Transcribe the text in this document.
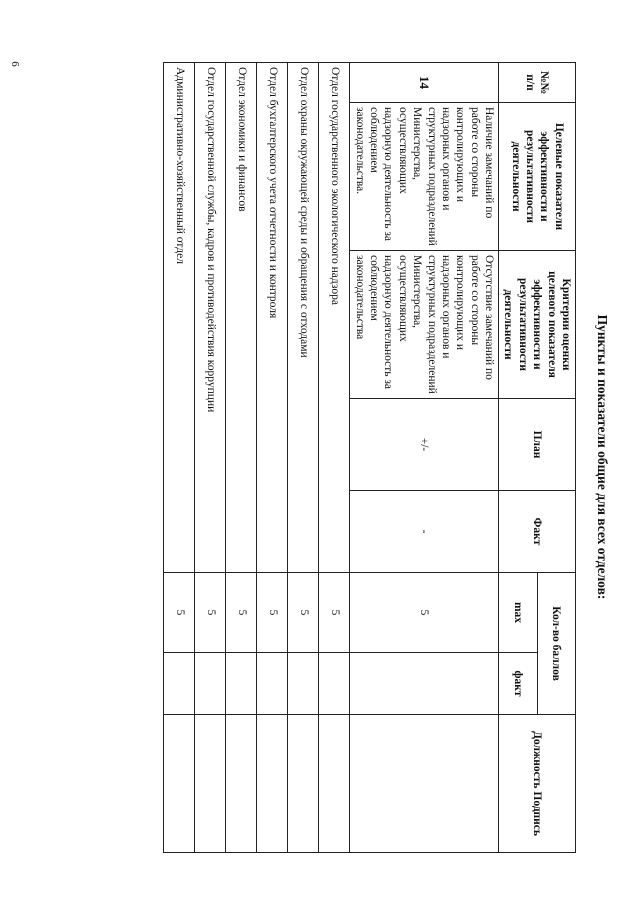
6
Пункты и показатели общие для всех отделов:
№№ п/п	Целевые показатели эффективности и результативности деятельности	Критерии оценки целевого показателя эффективности и результативности деятельности	План	Факт	Кол-во баллов		Должность Подпись
					max	факт	
14	Наличие замечаний по работе со стороны контролирующих и надзорных органов и структурных подразделений Министерства, осуществляющих надзорную деятельность за соблюдением законодательства.	Отсутствие замечаний по работе со стороны контролирующих и надзорных органов и структурных подразделений Министерства, осуществляющих надзорную деятельность за соблюдением законодательства	+/-	-	5		
Отдел государственного экологического надзора					5		
Отдел охраны окружающей среды и обращения с отходами					5		
Отдел бухгалтерского учета отчетности и контроля					5		
Отдел экономики и финансов					5		
Отдел государственной службы, кадров и противодействия коррупции					5		
Административно-хозяйственный отдел					5		
